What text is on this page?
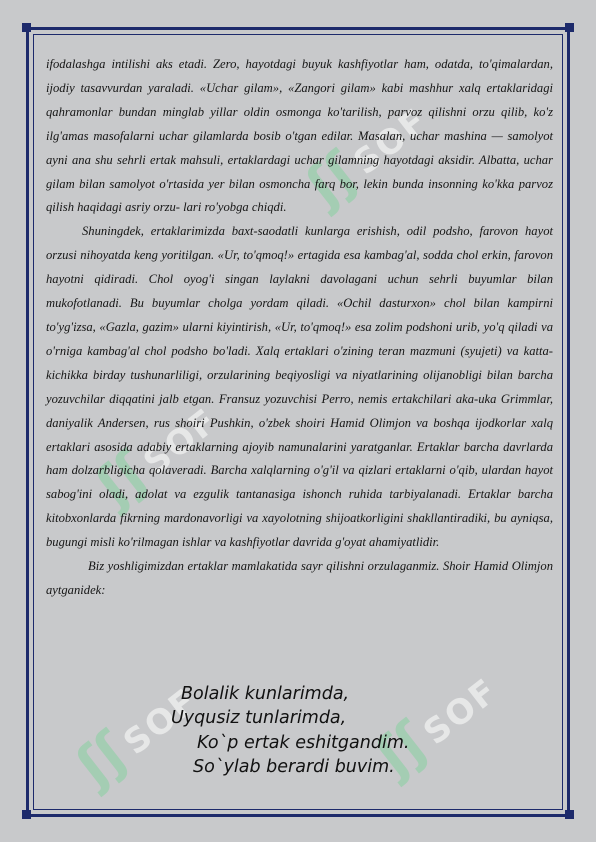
ʃʃ SOF
ʃʃ SOF
ʃʃ SOF	ʃʃ SOF

ifodalashga intilishi aks etadi. Zero, hayotdagi buyuk kashfiyotlar ham, odatda, to'qimalardan, ijodiy tasavvurdan yaraladi. «Uchar gilam», «Zangori gilam» kabi mashhur xalq ertaklaridagi qahramonlar bundan minglab yillar oldin osmonga ko'tarilish, parvoz qilishni orzu qilib, ko'z ilg'amas masofalarni uchar gilamlarda bosib o'tgan edilar. Masalan, uchar mashina — samolyot ayni ana shu sehrli ertak mahsuli, ertaklardagi uchar gilamning hayotdagi aksidir. Albatta, uchar gilam bilan samolyot o'rtasida yer bilan osmoncha farq bor, lekin bunda insonning ko'kka parvoz qilish haqidagi asriy orzu- lari ro'yobga chiqdi.

Shuningdek, ertaklarimizda baxt-saodatli kunlarga erishish, odil podsho, farovon hayot orzusi nihoyatda keng yoritilgan. «Ur, to'qmoq!» ertagida esa kambag'al, sodda chol erkin, farovon hayotni qidiradi. Chol oyog'i singan laylakni davolagani uchun sehrli buyumlar bilan mukofotlanadi. Bu buyumlar cholga yordam qiladi. «Ochil dasturxon» chol bilan kampirni to'yg'izsa, «Gazla, gazim» ularni kiyintirish, «Ur, to'qmoq!» esa zolim podshoni urib, yo'q qiladi va o'rniga kambag'al chol podsho bo'ladi. Xalq ertaklari o'zining teran mazmuni (syujeti) va katta-kichikka birday tushunarliligi, orzularining beqiyosligi va niyatlarining olijanobligi bilan barcha yozuvchilar diqqatini jalb etgan. Fransuz yozuvchisi Perro, nemis ertakchilari aka-uka Grimmlar, daniyalik Andersen, rus shoiri Pushkin, o'zbek shoiri Hamid Olimjon va boshqa ijodkorlar xalq ertaklari asosida adabiy ertaklarning ajoyib namunalarini yaratganlar. Ertaklar barcha davrlarda ham dolzarbligicha qolaveradi. Barcha xalqlarning o'g'il va qizlari ertaklarni o'qib, ulardan hayot sabog'ini oladi, adolat va ezgulik tantanasiga ishonch ruhida tarbiyalanadi. Ertaklar barcha kitobxonlarda fikrning mardonavorligi va xayolotning shijoatkorligini shakllantiradiki, bu ayniqsa, bugungi misli ko'rilmagan ishlar va kashfiyotlar davrida g'oyat ahamiyatlidir.

Biz yoshligimizdan ertaklar mamlakatida sayr qilishni orzulaganmiz. Shoir Hamid Olimjon aytganidek:

Bolalik kunlarimda,
Uyqusiz tunlarimda,
Ko`p ertak eshitgandim.
So`ylab berardi buvim.
